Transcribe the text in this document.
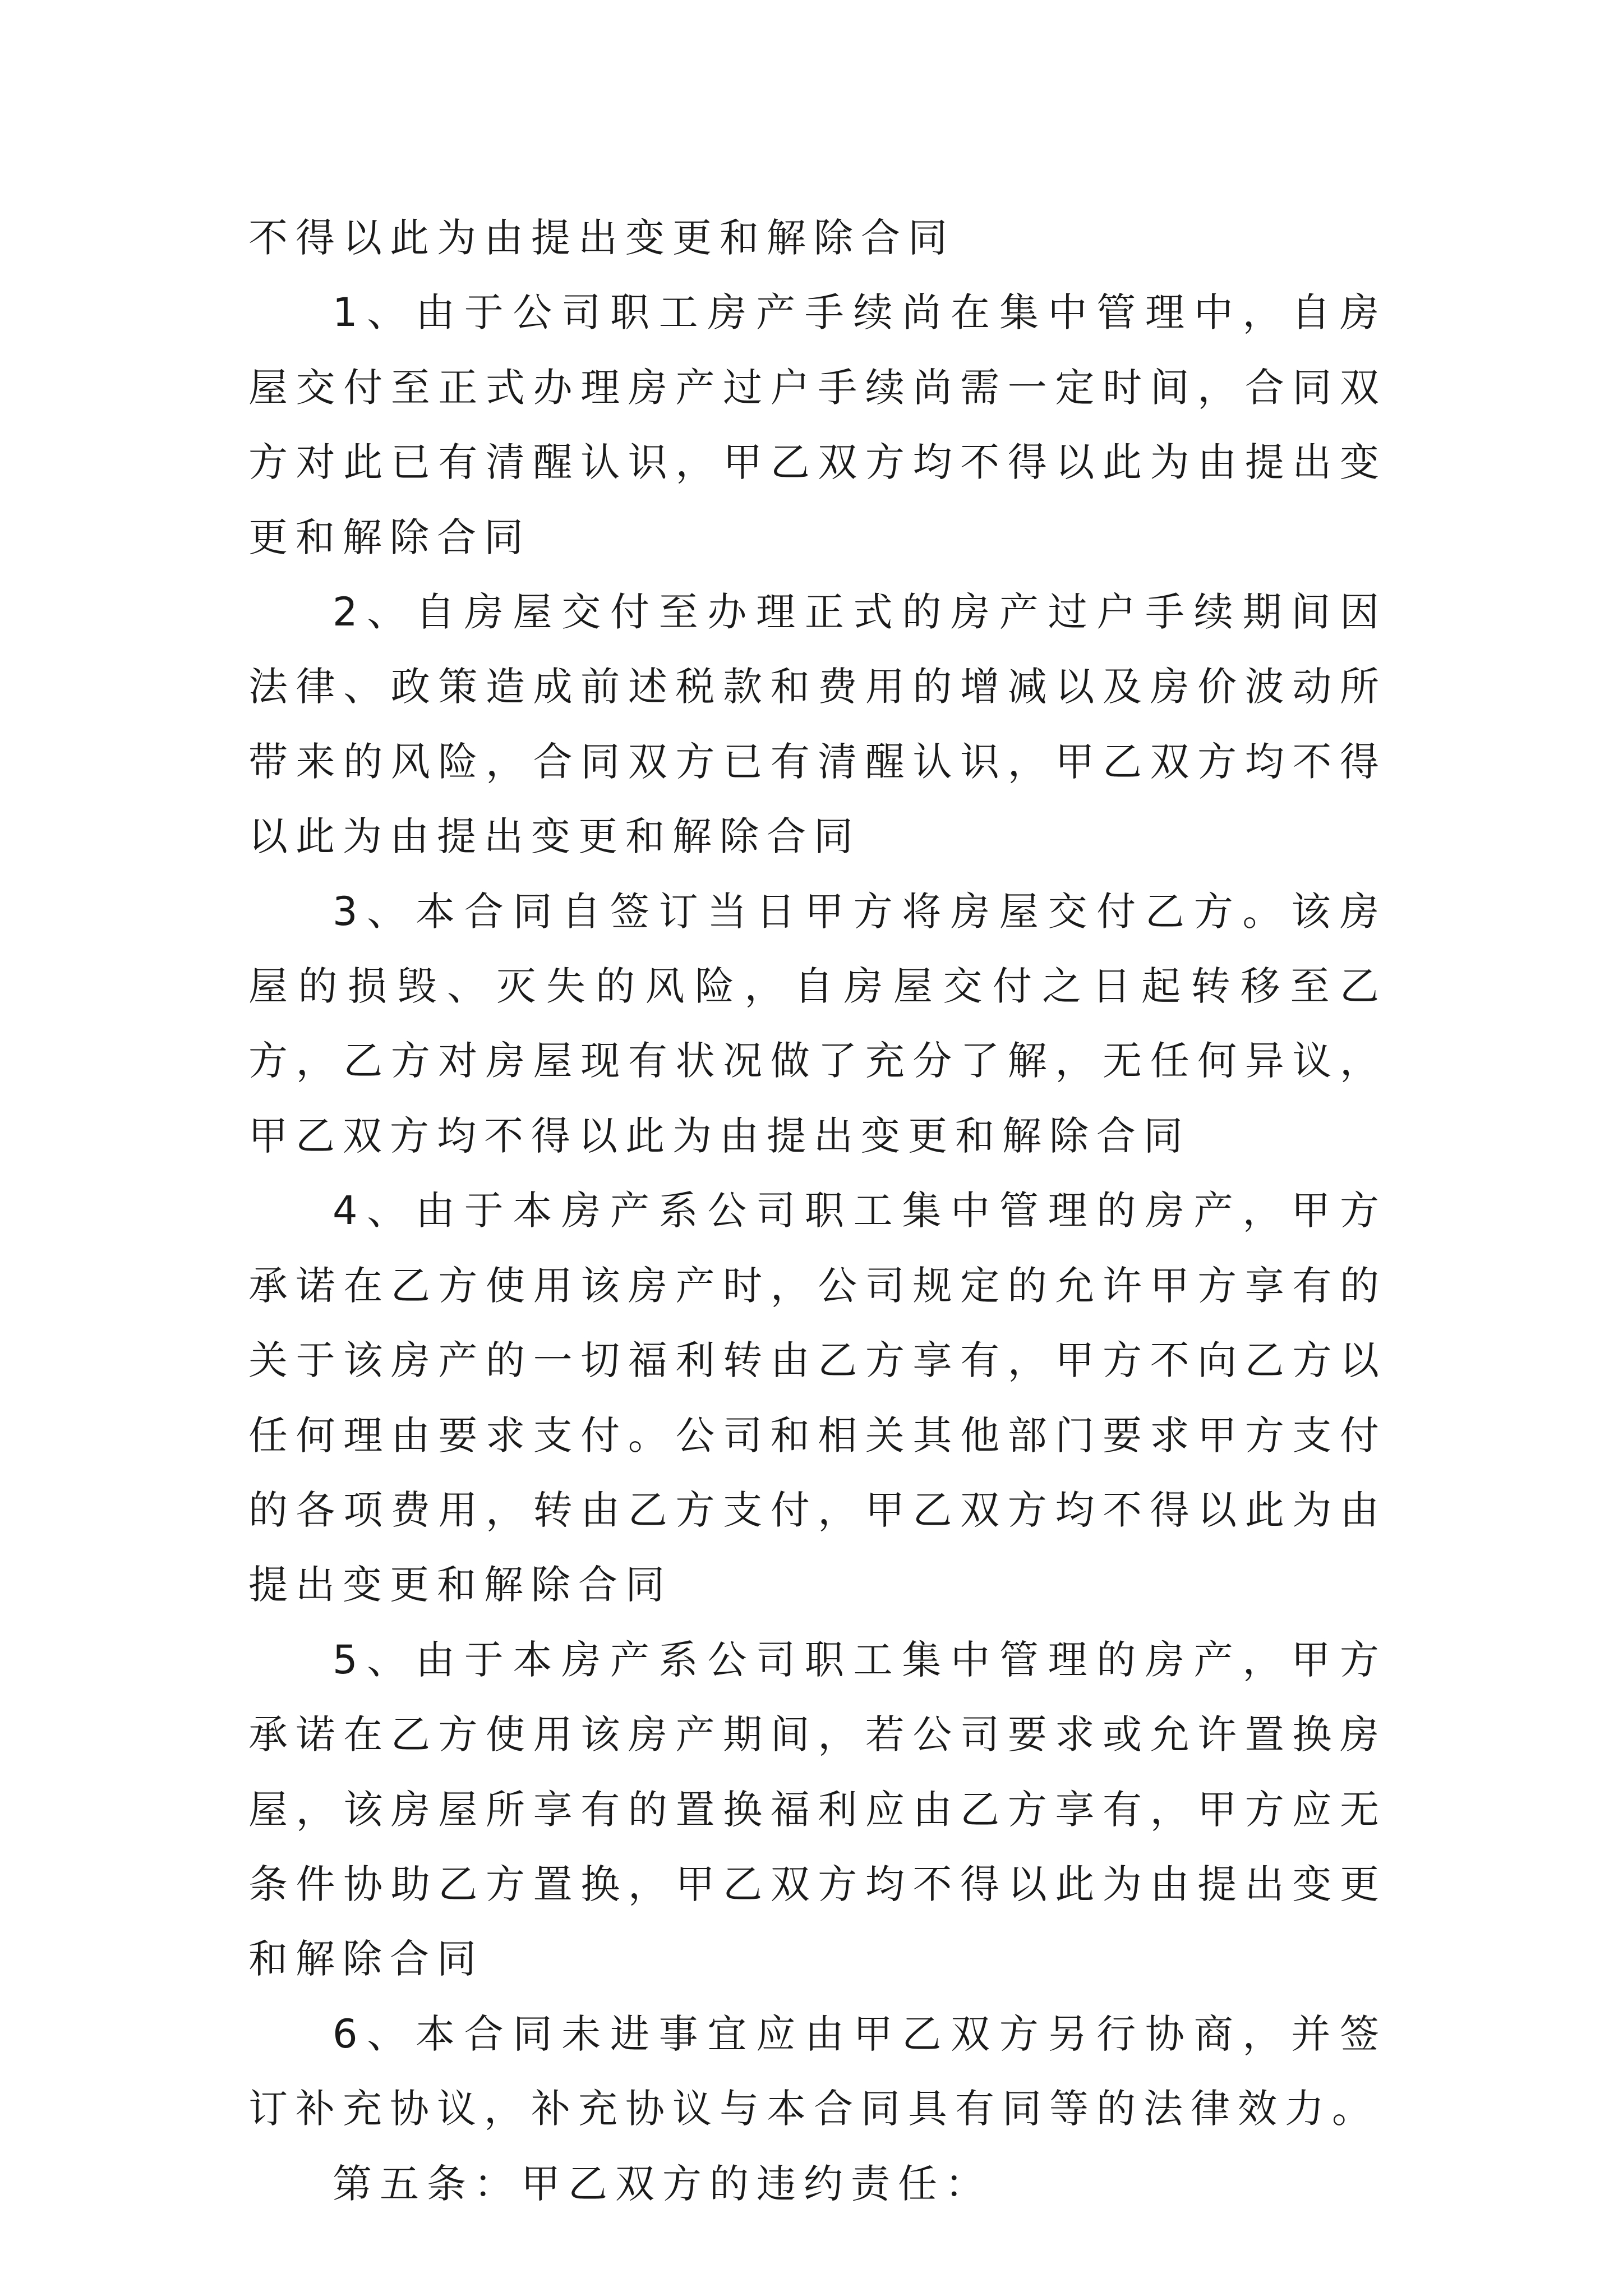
不得以此为由提出变更和解除合同

1、由于公司职工房产手续尚在集中管理中，自房屋交付至正式办理房产过户手续尚需一定时间，合同双方对此已有清醒认识，甲乙双方均不得以此为由提出变更和解除合同

2、自房屋交付至办理正式的房产过户手续期间因法律、政策造成前述税款和费用的增减以及房价波动所带来的风险，合同双方已有清醒认识，甲乙双方均不得以此为由提出变更和解除合同

3、本合同自签订当日甲方将房屋交付乙方。该房屋的损毁、灭失的风险，自房屋交付之日起转移至乙方，乙方对房屋现有状况做了充分了解，无任何异议，甲乙双方均不得以此为由提出变更和解除合同

4、由于本房产系公司职工集中管理的房产，甲方承诺在乙方使用该房产时，公司规定的允许甲方享有的关于该房产的一切福利转由乙方享有，甲方不向乙方以任何理由要求支付。公司和相关其他部门要求甲方支付的各项费用，转由乙方支付，甲乙双方均不得以此为由提出变更和解除合同

5、由于本房产系公司职工集中管理的房产，甲方承诺在乙方使用该房产期间，若公司要求或允许置换房屋，该房屋所享有的置换福利应由乙方享有，甲方应无条件协助乙方置换，甲乙双方均不得以此为由提出变更和解除合同

6、本合同未进事宜应由甲乙双方另行协商，并签订补充协议，补充协议与本合同具有同等的法律效力。

第五条：甲乙双方的违约责任：
